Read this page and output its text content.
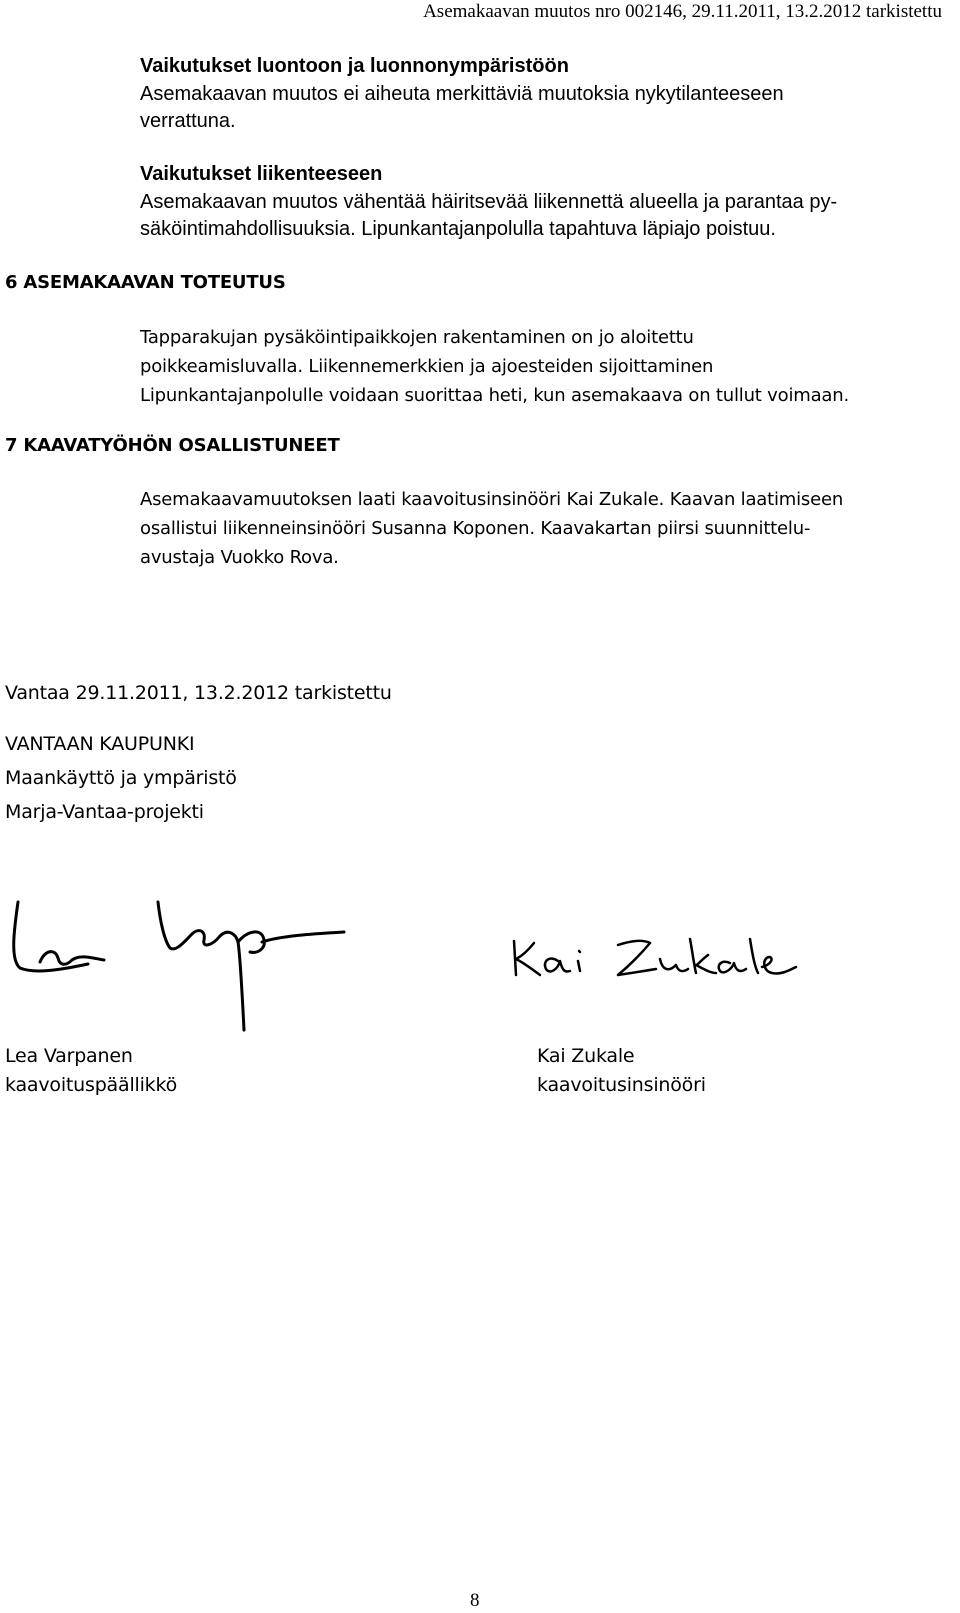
Asemakaavan muutos nro 002146, 29.11.2011, 13.2.2012 tarkistettu

Vaikutukset luontoon ja luonnonympäristöön

Asemakaavan muutos ei aiheuta merkittäviä muutoksia nykytilanteeseen

verrattuna.

Vaikutukset liikenteeseen

Asemakaavan muutos vähentää häiritsevää liikennettä alueella ja parantaa py-

säköintimahdollisuuksia. Lipunkantajanpolulla tapahtuva läpiajo poistuu.

6 ASEMAKAAVAN TOTEUTUS

Tapparakujan pysäköintipaikkojen rakentaminen on jo aloitettu

poikkeamisluvalla. Liikennemerkkien ja ajoesteiden sijoittaminen

Lipunkantajanpolulle voidaan suorittaa heti, kun asemakaava on tullut voimaan.

7 KAAVATYÖHÖN OSALLISTUNEET

Asemakaavamuutoksen laati kaavoitusinsinööri Kai Zukale. Kaavan laatimiseen

osallistui liikenneinsinööri Susanna Koponen. Kaavakartan piirsi suunnittelu-

avustaja Vuokko Rova.

Vantaa 29.11.2011, 13.2.2012 tarkistettu

VANTAAN KAUPUNKI

Maankäyttö ja ympäristö

Marja-Vantaa-projekti

Lea Varpanen

kaavoituspäällikkö

Kai Zukale

kaavoitusinsinööri

8
